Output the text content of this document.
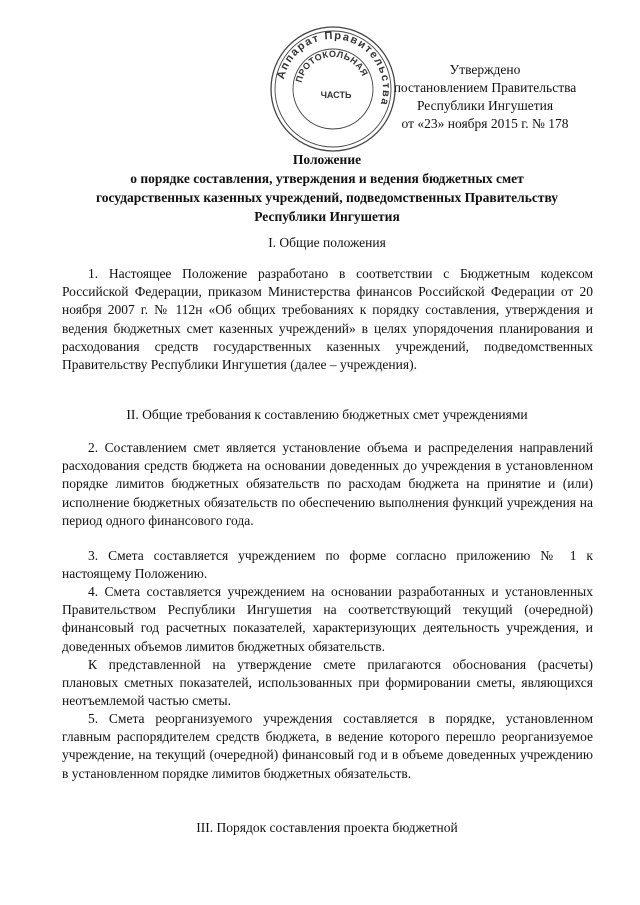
Аппарат Правительства
ПРОТОКОЛЬНАЯ
ЧАСТЬ
Утверждено
постановлением Правительства
Республики Ингушетия
от «23» ноября 2015 г. № 178
Положение
о порядке составления, утверждения и ведения бюджетных смет
государственных казенных учреждений, подведомственных Правительству
Республики Ингушетия
I. Общие положения

1. Настоящее Положение разработано в соответствии с Бюджетным кодексом Российской Федерации, приказом Министерства финансов Российской Федерации от 20 ноября 2007 г. № 112н «Об общих требованиях к порядку составления, утверждения и ведения бюджетных смет казенных учреждений» в целях упорядочения планирования и расходования средств государственных казенных учреждений, подведомственных Правительству Республики Ингушетия (далее – учреждения).

II. Общие требования к составлению бюджетных смет учреждениями

2. Составлением смет является установление объема и распределения направлений расходования средств бюджета на основании доведенных до учреждения в установленном порядке лимитов бюджетных обязательств по расходам бюджета на принятие и (или) исполнение бюджетных обязательств по обеспечению выполнения функций учреждения на период одного финансового года.

3. Смета составляется учреждением по форме согласно приложению № 1 к настоящему Положению.

4. Смета составляется учреждением на основании разработанных и установленных Правительством Республики Ингушетия на соответствующий текущий (очередной) финансовый год расчетных показателей, характеризующих деятельность учреждения, и доведенных объемов лимитов бюджетных обязательств.

К представленной на утверждение смете прилагаются обоснования (расчеты) плановых сметных показателей, использованных при формировании сметы, являющихся неотъемлемой частью сметы.

5. Смета реорганизуемого учреждения составляется в порядке, установленном главным распорядителем средств бюджета, в ведение которого перешло реорганизуемое учреждение, на текущий (очередной) финансовый год и в объеме доведенных учреждению в установленном порядке лимитов бюджетных обязательств.

III. Порядок составления проекта бюджетной
